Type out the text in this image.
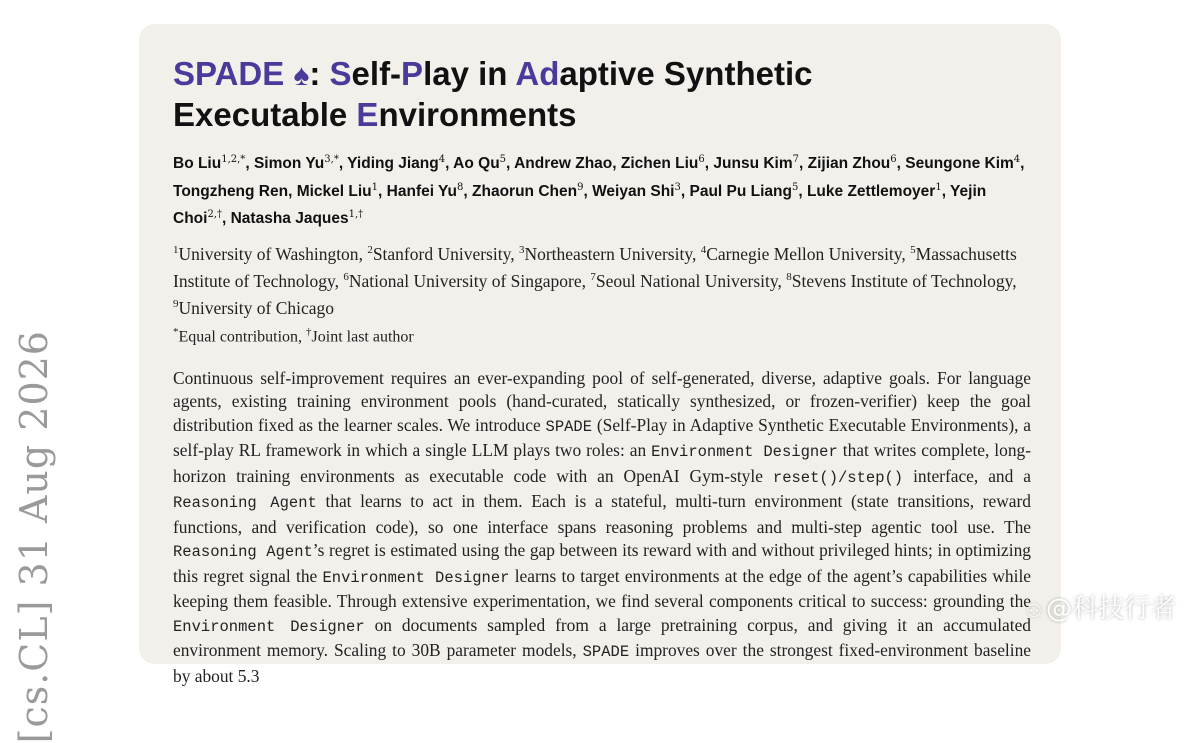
[cs.CL] 31 Aug 2026
SPADE ♠: Self-Play in Adaptive Synthetic
Executable Environments
Bo Liu$^{1,2,*}$, Simon $Yu^{3,*}$, Yiding Jiang$^4$, Ao Qu$^5$, Andrew Zhao, Zichen Liu$^6$, Junsu Kim$^7$, Zijian Zhou$^6$, Seungone Kim$^4$, Tongzheng Ren, Mickel Liu$^1$, Hanfei Yu$^8$, Zhaorun Chen$^9$, Weiyan Shi$^3$, Paul Pu Liang$^5$, Luke Zettlemoyer$^1$, Yejin Choi$^{2,\dagger}$, Natasha Jaques$^{1,\dagger}$
$^1$University of Washington, $^2$Stanford University, $^3$Northeastern University, $^4$Carnegie Mellon University, $^5$Massachusetts Institute of Technology, $^6$National University of Singapore, $^7$Seoul National University, $^8$Stevens Institute of Technology, $^9$University of Chicago
*Equal contribution, †Joint last author
Continuous self-improvement requires an ever-expanding pool of self-generated, diverse, adaptive goals. For language agents, existing training environment pools (hand-curated, statically synthesized, or frozen-verifier) keep the goal distribution fixed as the learner scales. We introduce SPADE (Self-Play in Adaptive Synthetic Executable Environments), a self-play RL framework in which a single LLM plays two roles: an Environment Designer that writes complete, long-horizon training environments as executable code with an OpenAI Gym-style reset()/step() interface, and a Reasoning Agent that learns to act in them. Each is a stateful, multi-turn environment (state transitions, reward functions, and verification code), so one interface spans reasoning problems and multi-step agentic tool use. The Reasoning Agent’s regret is estimated using the gap between its reward with and without privileged hints; in optimizing this regret signal the Environment Designer learns to target environments at the edge of the agent’s capabilities while keeping them feasible. Through extensive experimentation, we find several components critical to success: grounding the Environment Designer on documents sampled from a large pretraining corpus, and giving it an accumulated environment memory. Scaling to 30B parameter models, SPADE improves over the strongest fixed-environment baseline by about 5.3
⚇ @科技行者
